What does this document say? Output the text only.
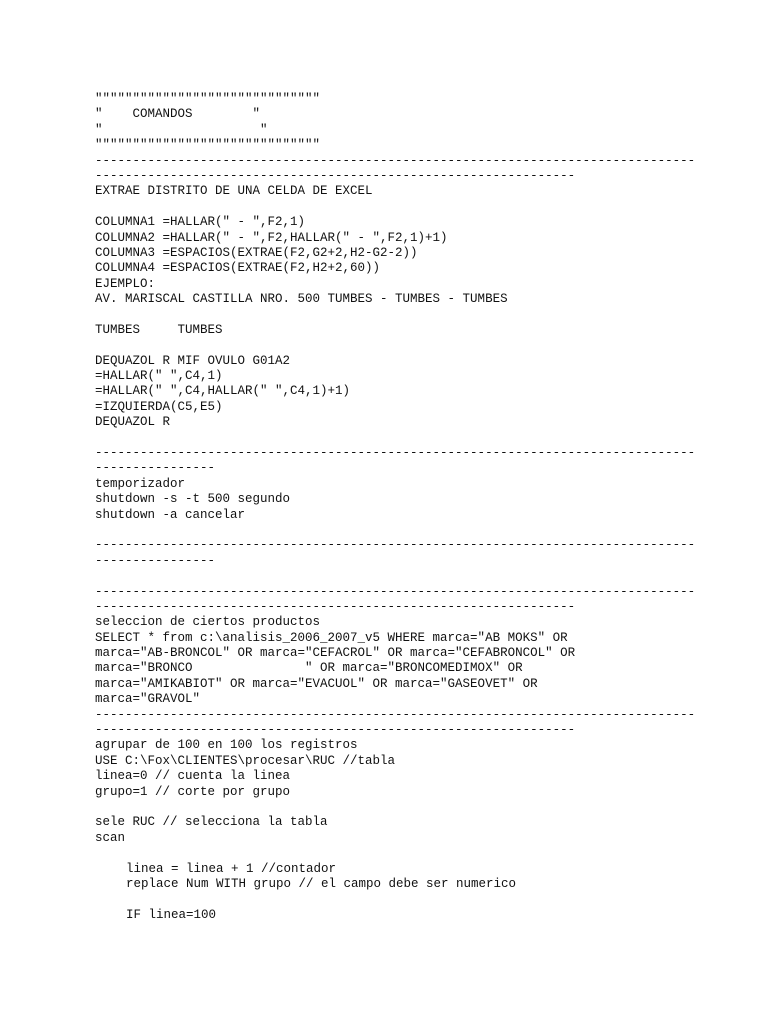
""""""""""""""""""""""""""""""
"    COMANDOS        "
"                     "
""""""""""""""""""""""""""""""
--------------------------------------------------------------------------------
----------------------------------------------------------------
EXTRAE DISTRITO DE UNA CELDA DE EXCEL
COLUMNA1 =HALLAR(" - ",F2,1)
COLUMNA2 =HALLAR(" - ",F2,HALLAR(" - ",F2,1)+1)
COLUMNA3 =ESPACIOS(EXTRAE(F2,G2+2,H2-G2-2))
COLUMNA4 =ESPACIOS(EXTRAE(F2,H2+2,60))
EJEMPLO:
AV. MARISCAL CASTILLA NRO. 500 TUMBES - TUMBES - TUMBES
TUMBES     TUMBES
DEQUAZOL R MIF OVULO G01A2
=HALLAR(" ",C4,1)
=HALLAR(" ",C4,HALLAR(" ",C4,1)+1)
=IZQUIERDA(C5,E5)
DEQUAZOL R
--------------------------------------------------------------------------------
----------------
temporizador
shutdown -s -t 500 segundo
shutdown -a cancelar
--------------------------------------------------------------------------------
----------------
--------------------------------------------------------------------------------
----------------------------------------------------------------
seleccion de ciertos productos
SELECT * from c:\analisis_2006_2007_v5 WHERE marca="AB MOKS" OR
marca="AB-BRONCOL" OR marca="CEFACROL" OR marca="CEFABRONCOL" OR
marca="BRONCO               " OR marca="BRONCOMEDIMOX" OR
marca="AMIKABIOT" OR marca="EVACUOL" OR marca="GASEOVET" OR
marca="GRAVOL"
--------------------------------------------------------------------------------
----------------------------------------------------------------
agrupar de 100 en 100 los registros
USE C:\Fox\CLIENTES\procesar\RUC //tabla
linea=0 // cuenta la linea
grupo=1 // corte por grupo
sele RUC // selecciona la tabla
scan
linea = linea + 1 //contador
replace Num WITH grupo // el campo debe ser numerico
IF linea=100
